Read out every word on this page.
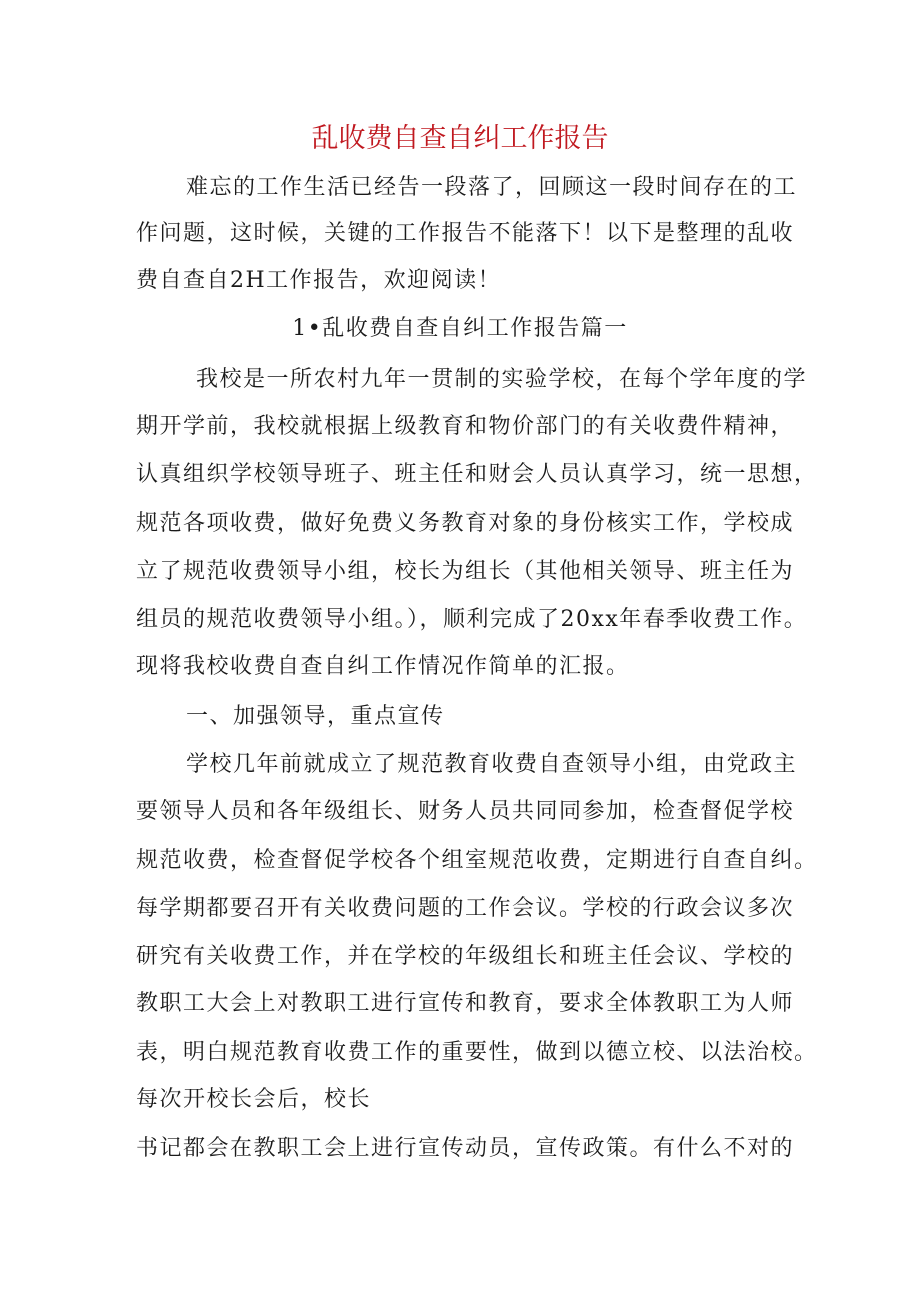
乱收费自查自纠工作报告

难忘的工作生活已经告一段落了，回顾这一段时间存在的工

作问题，这时候，关键的工作报告不能落下！以下是整理的乱收

费自查自2H工作报告，欢迎阅读！

1•乱收费自查自纠工作报告篇一

我校是一所农村九年一贯制的实验学校，在每个学年度的学

期开学前，我校就根据上级教育和物价部门的有关收费件精神，

认真组织学校领导班子、班主任和财会人员认真学习，统一思想，

规范各项收费，做好免费义务教育对象的身份核实工作，学校成

立了规范收费领导小组，校长为组长（其他相关领导、班主任为

组员的规范收费领导小组。），顺利完成了20xx年春季收费工作。

现将我校收费自查自纠工作情况作简单的汇报。

一、加强领导，重点宣传

学校几年前就成立了规范教育收费自查领导小组，由党政主

要领导人员和各年级组长、财务人员共同同参加，检查督促学校

规范收费，检查督促学校各个组室规范收费，定期进行自查自纠。

每学期都要召开有关收费问题的工作会议。学校的行政会议多次

研究有关收费工作，并在学校的年级组长和班主任会议、学校的

教职工大会上对教职工进行宣传和教育，要求全体教职工为人师

表，明白规范教育收费工作的重要性，做到以德立校、以法治校。

每次开校长会后，校长

书记都会在教职工会上进行宣传动员，宣传政策。有什么不对的
